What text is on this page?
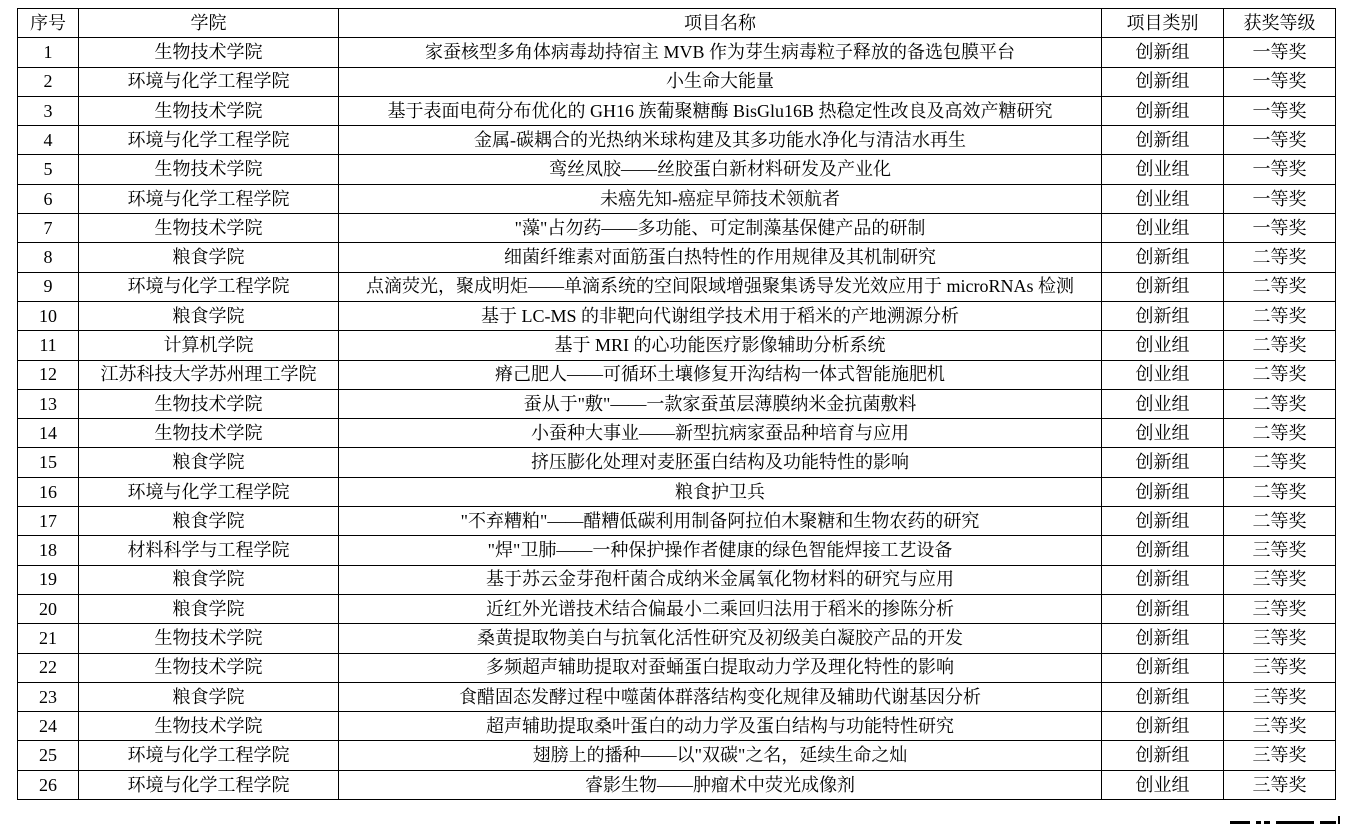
序号	学院	项目名称	项目类别	获奖等级
1	生物技术学院	家蚕核型多角体病毒劫持宿主 MVB 作为芽生病毒粒子释放的备选包膜平台	创新组	一等奖
2	环境与化学工程学院	小生命大能量	创新组	一等奖
3	生物技术学院	基于表面电荷分布优化的 GH16 族葡聚糖酶 BisGlu16B 热稳定性改良及高效产糖研究	创新组	一等奖
4	环境与化学工程学院	金属-碳耦合的光热纳米球构建及其多功能水净化与清洁水再生	创新组	一等奖
5	生物技术学院	鸾丝凤胶——丝胶蛋白新材料研发及产业化	创业组	一等奖
6	环境与化学工程学院	未癌先知-癌症早筛技术领航者	创业组	一等奖
7	生物技术学院	"藻"占勿药——多功能、可定制藻基保健产品的研制	创业组	一等奖
8	粮食学院	细菌纤维素对面筋蛋白热特性的作用规律及其机制研究	创新组	二等奖
9	环境与化学工程学院	点滴荧光，聚成明炬——单滴系统的空间限域增强聚集诱导发光效应用于 microRNAs 检测	创新组	二等奖
10	粮食学院	基于 LC-MS 的非靶向代谢组学技术用于稻米的产地溯源分析	创新组	二等奖
11	计算机学院	基于 MRI 的心功能医疗影像辅助分析系统	创业组	二等奖
12	江苏科技大学苏州理工学院	瘠己肥人——可循环土壤修复开沟结构一体式智能施肥机	创业组	二等奖
13	生物技术学院	蚕从于"敷"——一款家蚕茧层薄膜纳米金抗菌敷料	创业组	二等奖
14	生物技术学院	小蚕种大事业——新型抗病家蚕品种培育与应用	创业组	二等奖
15	粮食学院	挤压膨化处理对麦胚蛋白结构及功能特性的影响	创新组	二等奖
16	环境与化学工程学院	粮食护卫兵	创新组	二等奖
17	粮食学院	"不弃糟粕"——醋糟低碳利用制备阿拉伯木聚糖和生物农药的研究	创新组	二等奖
18	材料科学与工程学院	"焊"卫肺——一种保护操作者健康的绿色智能焊接工艺设备	创新组	三等奖
19	粮食学院	基于苏云金芽孢杆菌合成纳米金属氧化物材料的研究与应用	创新组	三等奖
20	粮食学院	近红外光谱技术结合偏最小二乘回归法用于稻米的掺陈分析	创新组	三等奖
21	生物技术学院	桑黄提取物美白与抗氧化活性研究及初级美白凝胶产品的开发	创新组	三等奖
22	生物技术学院	多频超声辅助提取对蚕蛹蛋白提取动力学及理化特性的影响	创新组	三等奖
23	粮食学院	食醋固态发酵过程中噬菌体群落结构变化规律及辅助代谢基因分析	创新组	三等奖
24	生物技术学院	超声辅助提取桑叶蛋白的动力学及蛋白结构与功能特性研究	创新组	三等奖
25	环境与化学工程学院	翅膀上的播种——以"双碳"之名，延续生命之灿	创新组	三等奖
26	环境与化学工程学院	睿影生物——肿瘤术中荧光成像剂	创业组	三等奖
